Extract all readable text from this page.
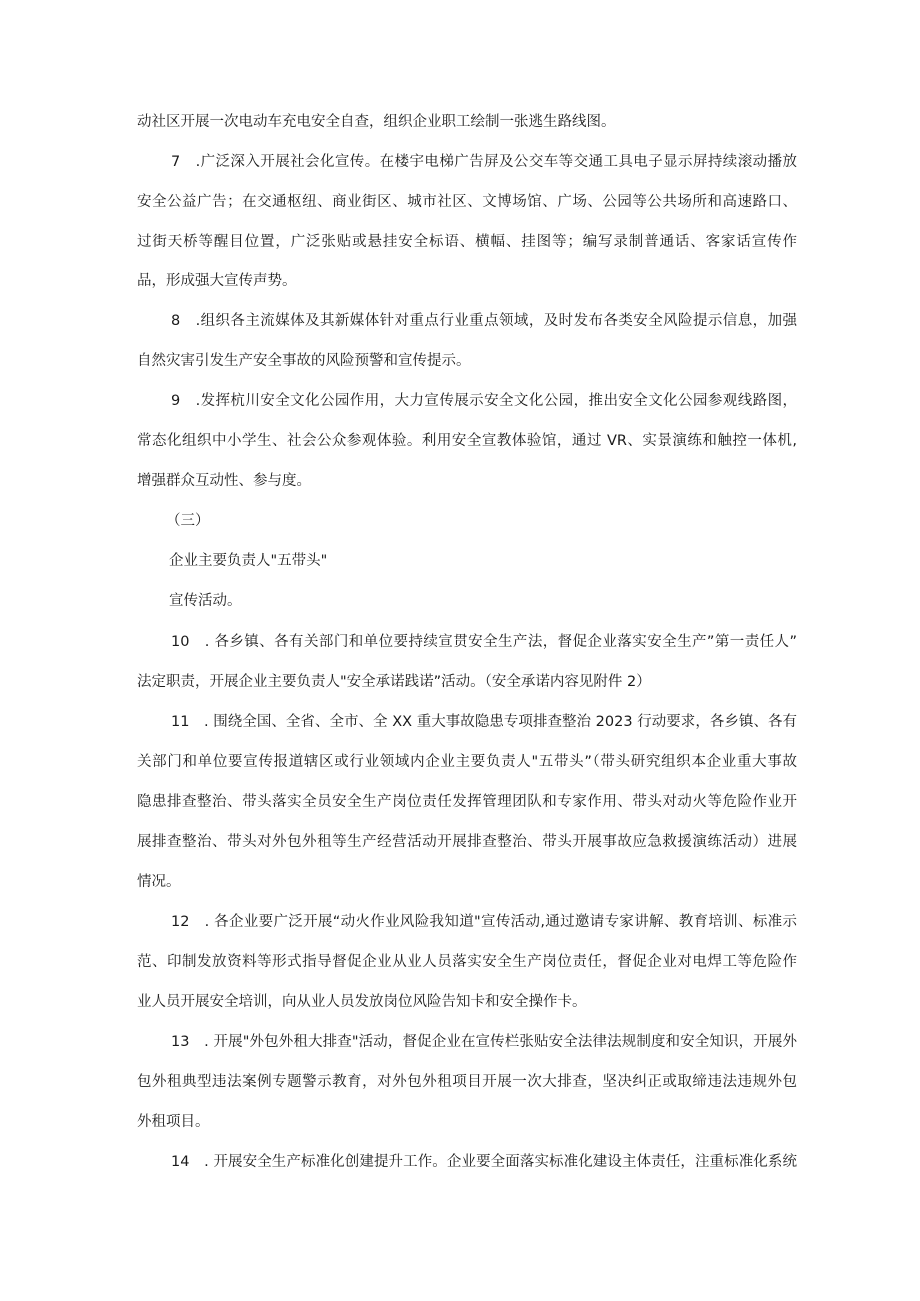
动社区开展一次电动车充电安全自查，组织企业职工绘制一张逃生路线图。
7　.广泛深入开展社会化宣传。在楼宇电梯广告屏及公交车等交通工具电子显示屏持续滚动播放
安全公益广告；在交通枢纽、商业街区、城市社区、文博场馆、广场、公园等公共场所和高速路口、
过街天桥等醒目位置，广泛张贴或悬挂安全标语、横幅、挂图等；编写录制普通话、客家话宣传作
品，形成强大宣传声势。
8　.组织各主流媒体及其新媒体针对重点行业重点领域，及时发布各类安全风险提示信息，加强
自然灾害引发生产安全事故的风险预警和宣传提示。
9　.发挥杭川安全文化公园作用，大力宣传展示安全文化公园，推出安全文化公园参观线路图，
常态化组织中小学生、社会公众参观体验。利用安全宣教体验馆，通过 VR、实景演练和触控一体机,
增强群众互动性、参与度。
（三）
企业主要负责人"五带头"
宣传活动。
10　. 各乡镇、各有关部门和单位要持续宣贯安全生产法，督促企业落实安全生产”第一责任人”
法定职责，开展企业主要负责人"安全承诺践诺”活动。（安全承诺内容见附件 2）
11　. 围绕全国、全省、全市、全 XX 重大事故隐患专项排查整治 2023 行动要求，各乡镇、各有
关部门和单位要宣传报道辖区或行业领域内企业主要负责人"五带头”（带头研究组织本企业重大事故
隐患排查整治、带头落实全员安全生产岗位责任发挥管理团队和专家作用、带头对动火等危险作业开
展排查整治、带头对外包外租等生产经营活动开展排查整治、带头开展事故应急救援演练活动）进展
情况。
12　. 各企业要广泛开展“动火作业风险我知道"宣传活动,通过邀请专家讲解、教育培训、标准示
范、印制发放资料等形式指导督促企业从业人员落实安全生产岗位责任，督促企业对电焊工等危险作
业人员开展安全培训，向从业人员发放岗位风险告知卡和安全操作卡。
13　. 开展"外包外租大排查"活动，督促企业在宣传栏张贴安全法律法规制度和安全知识，开展外
包外租典型违法案例专题警示教育，对外包外租项目开展一次大排查，坚决纠正或取缔违法违规外包
外租项目。
14　. 开展安全生产标准化创建提升工作。企业要全面落实标准化建设主体责任，注重标准化系统
